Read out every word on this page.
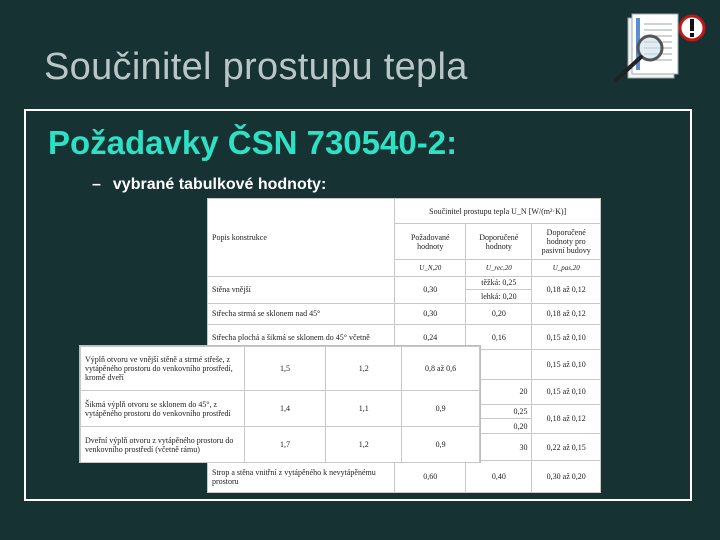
Součinitel prostupu tepla
Požadavky ČSN 730540-2:
– vybrané tabulkové hodnoty:
Popis konstrukce	Součinitel prostupu tepla U_N [W/(m²·K)]		
	Požadované hodnoty	Doporučené hodnoty	Doporučené hodnoty pro pasivní budovy
	U_N,20	U_rec,20	U_pas,20
Stěna vnější	0,30	těžká: 0,25	0,18 až 0,12
		lehká: 0,20	
Střecha strmá se sklonem nad 45°	0,30	0,20	0,18 až 0,12
Střecha plochá a šikmá se sklonem do 45° včetně	0,24	0,16	0,15 až 0,10
			0,15 až 0,10
		20	0,15 až 0,10
		0,25	0,18 až 0,12
		0,20	
		30	0,22 až 0,15
Strop a stěna vnitřní z vytápěného k nevytápěnému prostoru	0,60	0,40	0,30 až 0,20
Výplň otvoru ve vnější stěně a strmé střeše, z vytápěného prostoru do venkovního prostředí, kromě dveří	1,5	1,2	0,8 až 0,6
Šikmá výplň otvoru se sklonem do 45°, z vytápěného prostoru do venkovního prostředí	1,4	1,1	0,9
Dveřní výplň otvoru z vytápěného prostoru do venkovního prostředí (včetně rámu)	1,7	1,2	0,9
